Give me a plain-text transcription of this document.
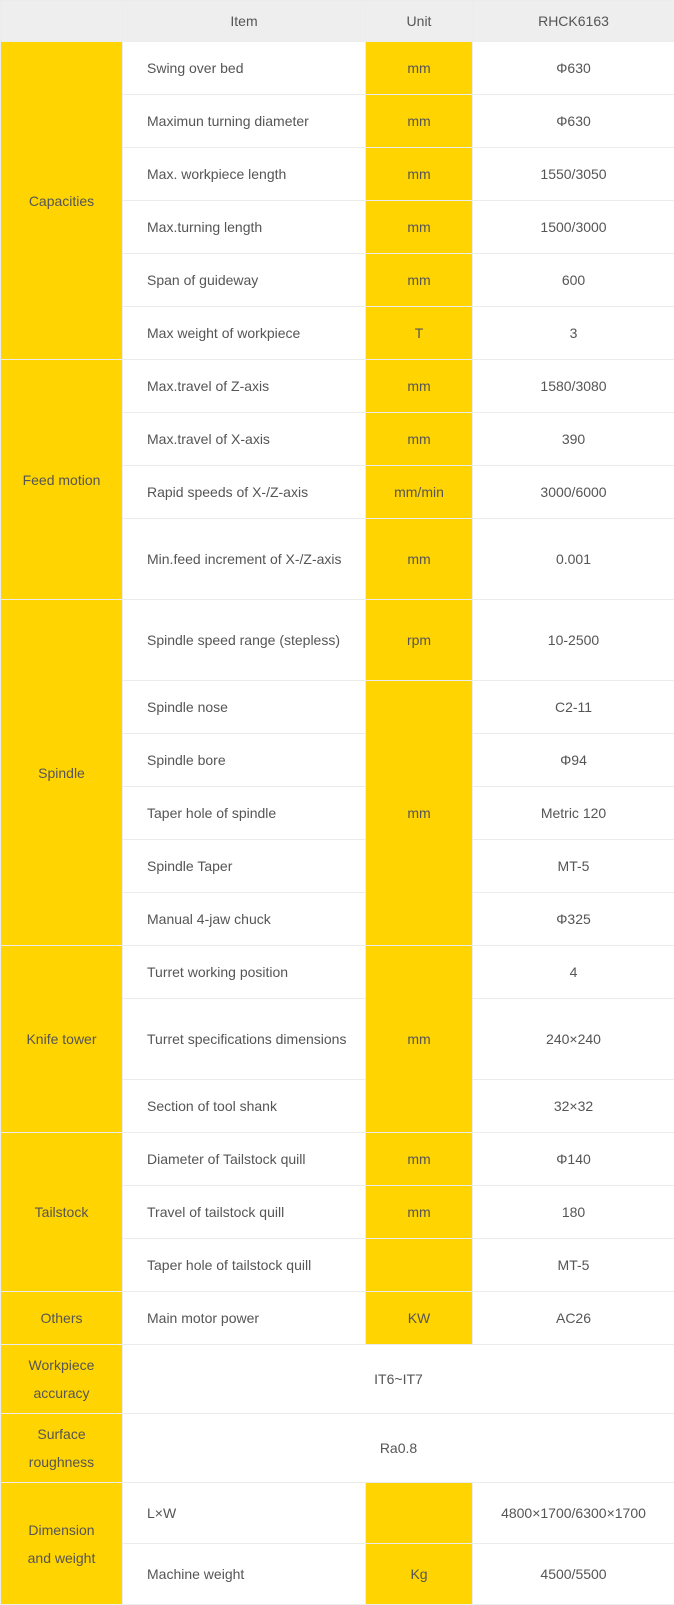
	Item	Unit	RHCK6163
Capacities	Swing over bed	mm	Φ630
	Maximun turning diameter	mm	Φ630
	Max. workpiece length	mm	1550/3050
	Max.turning length	mm	1500/3000
	Span of guideway	mm	600
	Max weight of workpiece	T	3
Feed motion	Max.travel of Z-axis	mm	1580/3080
	Max.travel of X-axis	mm	390
	Rapid speeds of X-/Z-axis	mm/min	3000/6000
	Min.feed increment of X-/Z-axis	mm	0.001
Spindle	Spindle speed range (stepless)	rpm	10-2500
	Spindle nose	mm	C2-11
	Spindle bore		Φ94
	Taper hole of spindle		Metric 120
	Spindle Taper		MT-5
	Manual 4-jaw chuck		Φ325
Knife tower	Turret working position	mm	4
	Turret specifications dimensions		240×240
	Section of tool shank		32×32
Tailstock	Diameter of Tailstock quill	mm	Φ140
	Travel of tailstock quill	mm	180
	Taper hole of tailstock quill		MT-5
Others	Main motor power	KW	AC26
Workpiece accuracy	IT6~IT7		
Surface roughness	Ra0.8		
Dimension and weight	L×W		4800×1700/6300×1700
	Machine weight	Kg	4500/5500
